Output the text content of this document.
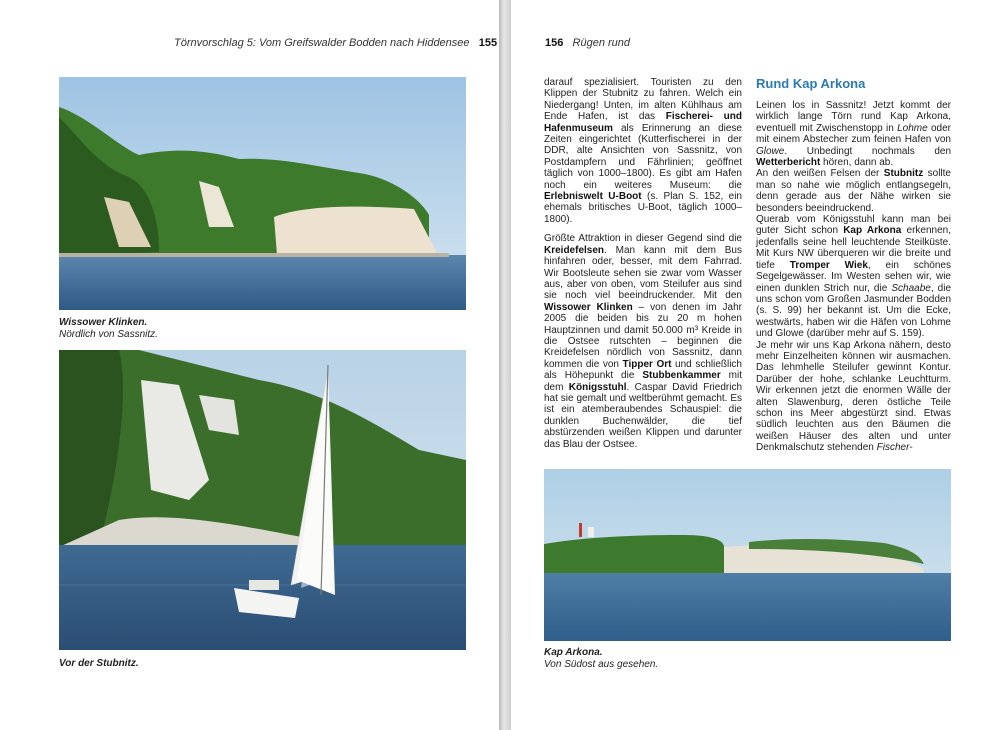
Törnvorschlag 5: Vom Greifswalder Bodden nach Hiddensee 155
Wissower Klinken.
Nördlich von Sassnitz.
Vor der Stubnitz.
156 Rügen rund

darauf spezialisiert. Touristen zu den Klippen der Stubnitz zu fahren. Welch ein Niedergang! Unten, im alten Kühlhaus am Ende Hafen, ist das Fischerei- und Hafenmuseum als Erinnerung an diese Zeiten eingerichtet (Kutterfischerei in der DDR, alte Ansichten von Sassnitz, von Postdampfern und Fährlinien; geöffnet täglich von 1000–1800). Es gibt am Hafen noch ein weiteres Museum: die Erlebniswelt U-Boot (s. Plan S. 152, ein ehemals britisches U-Boot, täglich 1000–1800).

Größte Attraktion in dieser Gegend sind die Kreidefelsen. Man kann mit dem Bus hinfahren oder, besser, mit dem Fahrrad. Wir Bootsleute sehen sie zwar vom Wasser aus, aber von oben, vom Steilufer aus sind sie noch viel beeindruckender. Mit den Wissower Klinken – von denen im Jahr 2005 die beiden bis zu 20 m hohen Hauptzinnen und damit 50.000 m³ Kreide in die Ostsee rutschten – beginnen die Kreidefelsen nördlich von Sassnitz, dann kommen die von Tipper Ort und schließlich als Höhepunkt die Stubbenkammer mit dem Königsstuhl. Caspar David Friedrich hat sie gemalt und weltberühmt gemacht. Es ist ein atemberaubendes Schauspiel: die dunklen Buchenwälder, die tief abstürzenden weißen Klippen und darunter das Blau der Ostsee.

Rund Kap Arkona

Leinen los in Sassnitz! Jetzt kommt der wirklich lange Törn rund Kap Arkona, eventuell mit Zwischenstopp in Lohme oder mit einem Abstecher zum feinen Hafen von Glowe. Unbedingt nochmals den Wetterbericht hören, dann ab.

An den weißen Felsen der Stubnitz sollte man so nahe wie möglich entlangsegeln, denn gerade aus der Nähe wirken sie besonders beeindruckend.

Querab vom Königsstuhl kann man bei guter Sicht schon Kap Arkona erkennen, jedenfalls seine hell leuchtende Steilküste. Mit Kurs NW überqueren wir die breite und tiefe Tromper Wiek, ein schönes Segelgewässer. Im Westen sehen wir, wie einen dunklen Strich nur, die Schaabe, die uns schon vom Großen Jasmunder Bodden (s. S. 99) her bekannt ist. Um die Ecke, westwärts, haben wir die Häfen von Lohme und Glowe (darüber mehr auf S. 159).

Je mehr wir uns Kap Arkona nähern, desto mehr Einzelheiten können wir ausmachen. Das lehmhelle Steilufer gewinnt Kontur. Darüber der hohe, schlanke Leuchtturm. Wir erkennen jetzt die enormen Wälle der alten Slawenburg, deren östliche Teile schon ins Meer abgestürzt sind. Etwas südlich leuchten aus den Bäumen die weißen Häuser des alten und unter Denkmalschutz stehenden Fischer-

Kap Arkona.
Von Südost aus gesehen.
